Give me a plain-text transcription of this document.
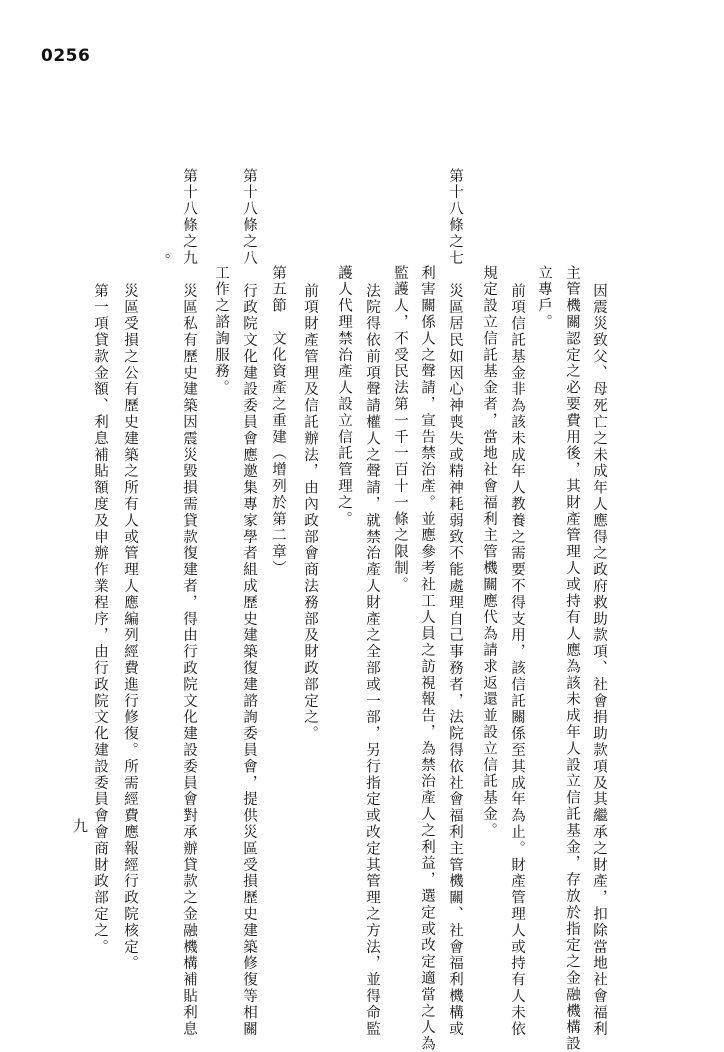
0256
因震災致父、母死亡之未成年人應得之政府救助款項、社會捐助款項及其繼承之財產，扣除當地社會福利
主管機關認定之必要費用後，其財產管理人或持有人應為該未成年人設立信託基金，存放於指定之金融機構設
立專戶。
前項信託基金非為該未成年人教養之需要不得支用，該信託關係至其成年為止。財產管理人或持有人未依
規定設立信託基金者，當地社會福利主管機關應代為請求返還並設立信託基金。
第十八條之七
災區居民如因心神喪失或精神耗弱致不能處理自己事務者，法院得依社會福利主管機關、社會福利機構或
利害關係人之聲請，宣告禁治產。並應參考社工人員之訪視報告，為禁治產人之利益，選定或改定適當之人為
監護人，不受民法第一千一百十一條之限制。
法院得依前項聲請權人之聲請，就禁治產人財產之全部或一部，另行指定或改定其管理之方法，並得命監
護人代理禁治產人設立信託管理之。
前項財產管理及信託辦法，由內政部會商法務部及財政部定之。
第五節　文化資產之重建（增列於第二章）
第十八條之八
行政院文化建設委員會應邀集專家學者組成歷史建築復建諮詢委員會，提供災區受損歷史建築修復等相關
工作之諮詢服務。
第十八條之九
災區私有歷史建築因震災毀損需貸款復建者，得由行政院文化建設委員會對承辦貸款之金融機構補貼利息
。
災區受損之公有歷史建築之所有人或管理人應編列經費進行修復。所需經費應報經行政院核定。
第一項貸款金額、利息補貼額度及申辦作業程序，由行政院文化建設委員會會商財政部定之。
九
